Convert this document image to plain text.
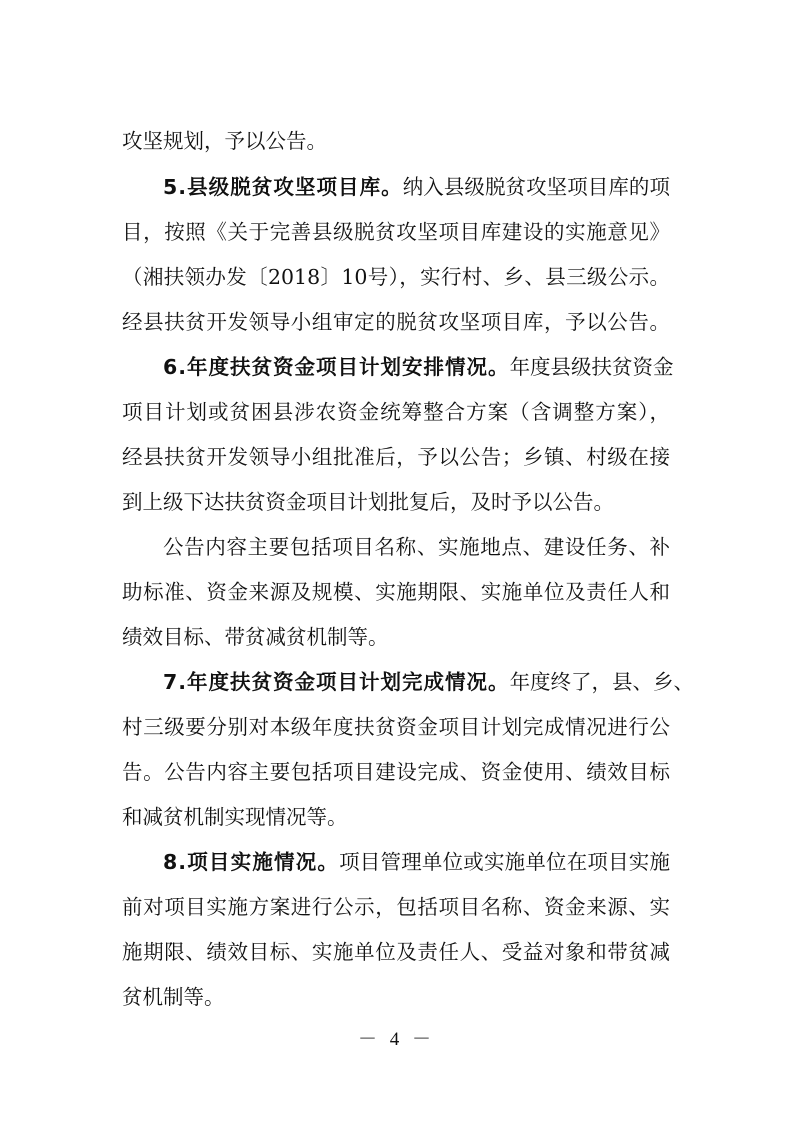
攻坚规划，予以公告。
5.县级脱贫攻坚项目库。纳入县级脱贫攻坚项目库的项
目，按照《关于完善县级脱贫攻坚项目库建设的实施意见》
（湘扶领办发〔2018〕10号），实行村、乡、县三级公示。
经县扶贫开发领导小组审定的脱贫攻坚项目库，予以公告。
6.年度扶贫资金项目计划安排情况。年度县级扶贫资金
项目计划或贫困县涉农资金统筹整合方案（含调整方案），
经县扶贫开发领导小组批准后，予以公告；乡镇、村级在接
到上级下达扶贫资金项目计划批复后，及时予以公告。
公告内容主要包括项目名称、实施地点、建设任务、补
助标准、资金来源及规模、实施期限、实施单位及责任人和
绩效目标、带贫减贫机制等。
7.年度扶贫资金项目计划完成情况。年度终了，县、乡、
村三级要分别对本级年度扶贫资金项目计划完成情况进行公
告。公告内容主要包括项目建设完成、资金使用、绩效目标
和减贫机制实现情况等。
8.项目实施情况。项目管理单位或实施单位在项目实施
前对项目实施方案进行公示，包括项目名称、资金来源、实
施期限、绩效目标、实施单位及责任人、受益对象和带贫减
贫机制等。
－ 4 －
